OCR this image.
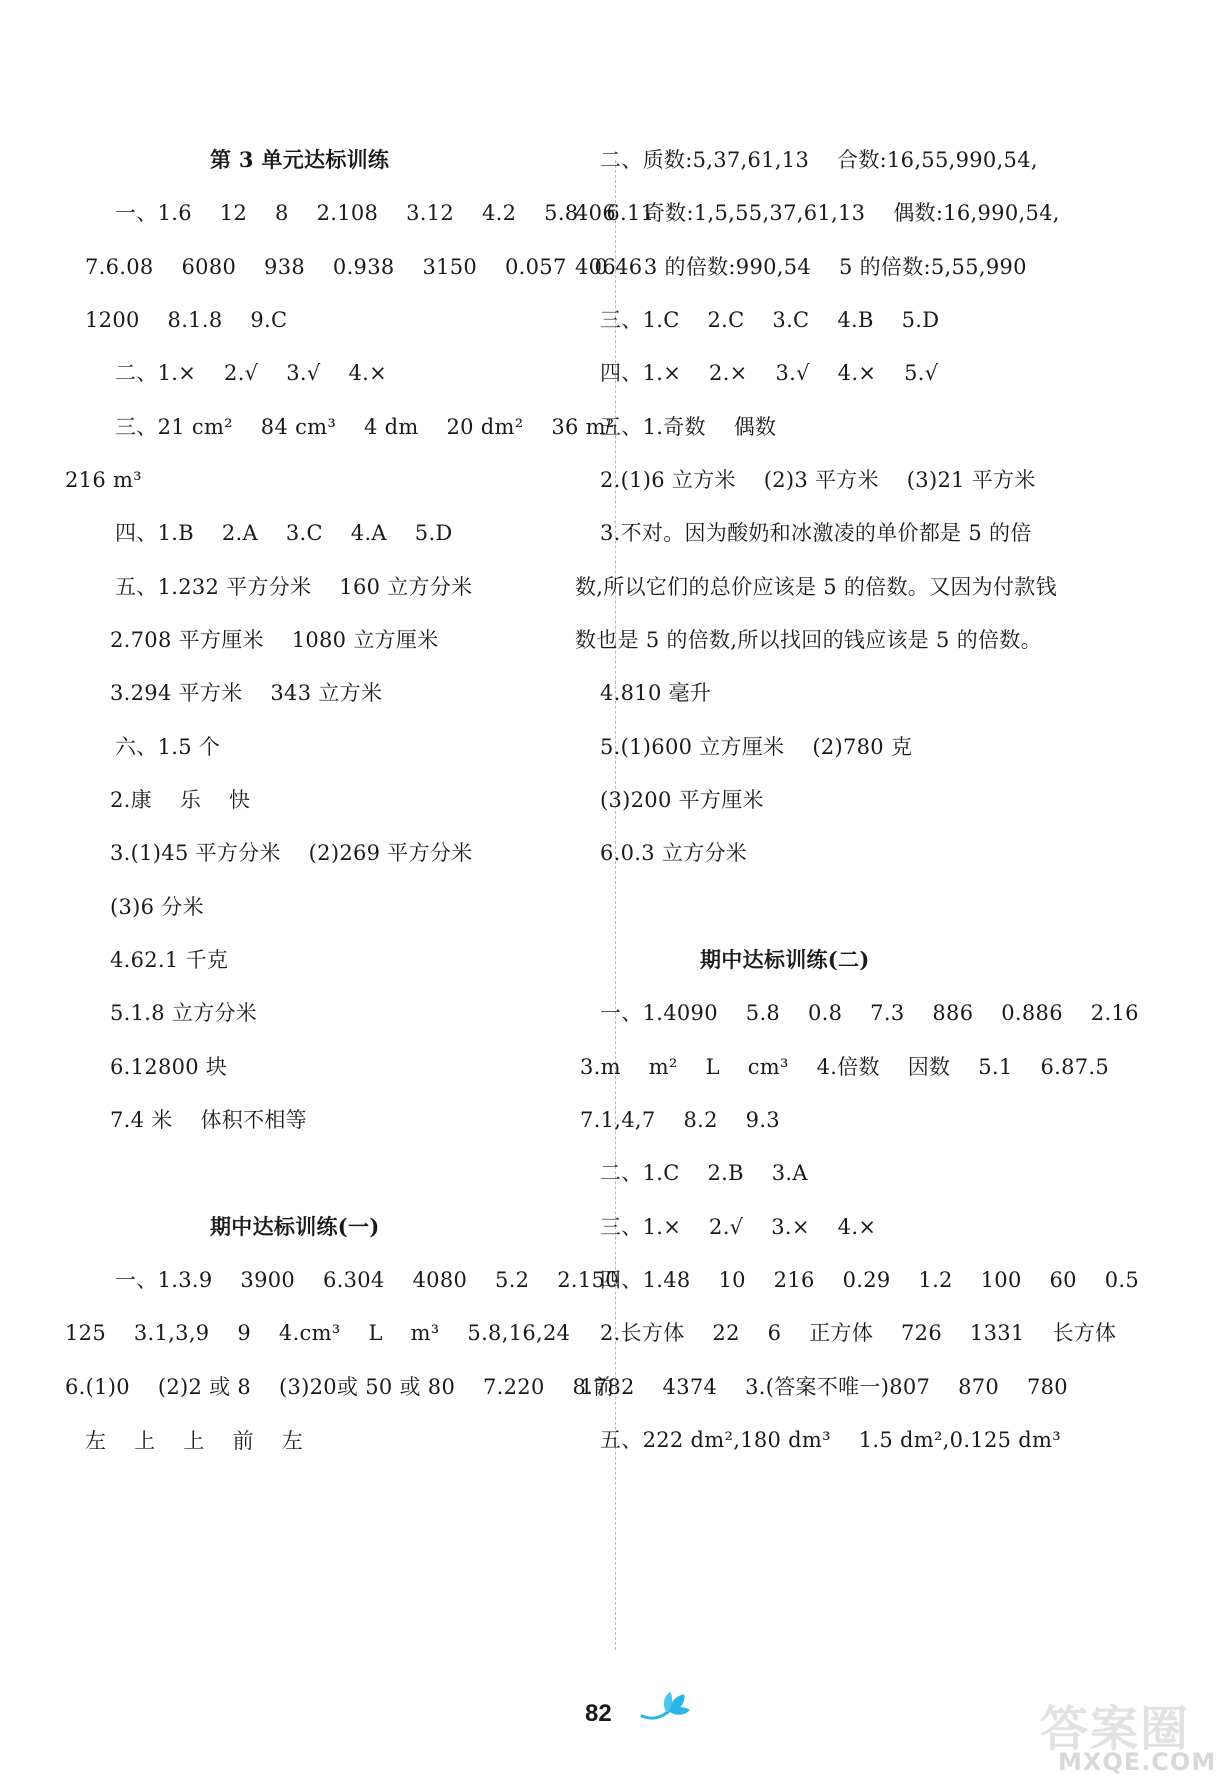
第 3 单元达标训练
一、1.6    12    8    2.108    3.12    4.2    5.8    6.11
7.6.08    6080    938    0.938    3150    0.057    0.46
1200    8.1.8    9.C
二、1.×    2.√    3.√    4.×
三、21 cm²    84 cm³    4 dm    20 dm²    36 m²
216 m³
四、1.B    2.A    3.C    4.A    5.D
五、1.232 平方分米    160 立方分米
2.708 平方厘米    1080 立方厘米
3.294 平方米    343 立方米
六、1.5 个
2.康    乐    快
3.(1)45 平方分米    (2)269 平方分米
(3)6 分米
4.62.1 千克
5.1.8 立方分米
6.12800 块
7.4 米    体积不相等
期中达标训练(一)
一、1.3.9    3900    6.304    4080    5.2    2.150
125    3.1,3,9    9    4.cm³    L    m³    5.8,16,24
6.(1)0    (2)2 或 8    (3)20或 50 或 80    7.220    8.前
左    上    上    前    左
二、质数:5,37,61,13    合数:16,55,990,54,
406    奇数:1,5,55,37,61,13    偶数:16,990,54,
406    3 的倍数:990,54    5 的倍数:5,55,990
三、1.C    2.C    3.C    4.B    5.D
四、1.×    2.×    3.√    4.×    5.√
五、1.奇数    偶数
2.(1)6 立方米    (2)3 平方米    (3)21 平方米
3.不对。因为酸奶和冰激凌的单价都是 5 的倍
数,所以它们的总价应该是 5 的倍数。又因为付款钱
数也是 5 的倍数,所以找回的钱应该是 5 的倍数。
4.810 毫升
5.(1)600 立方厘米    (2)780 克
(3)200 平方厘米
6.0.3 立方分米
期中达标训练(二)
一、1.4090    5.8    0.8    7.3    886    0.886    2.16
3.m    m²    L    cm³    4.倍数    因数    5.1    6.87.5
7.1,4,7    8.2    9.3
二、1.C    2.B    3.A
三、1.×    2.√    3.×    4.×
四、1.48    10    216    0.29    1.2    100    60    0.5
2.长方体    22    6    正方体    726    1331    长方体
1782    4374    3.(答案不唯一)807    870    780
五、222 dm²,180 dm³    1.5 dm²,0.125 dm³
82	答案圈
MXQE.COM
